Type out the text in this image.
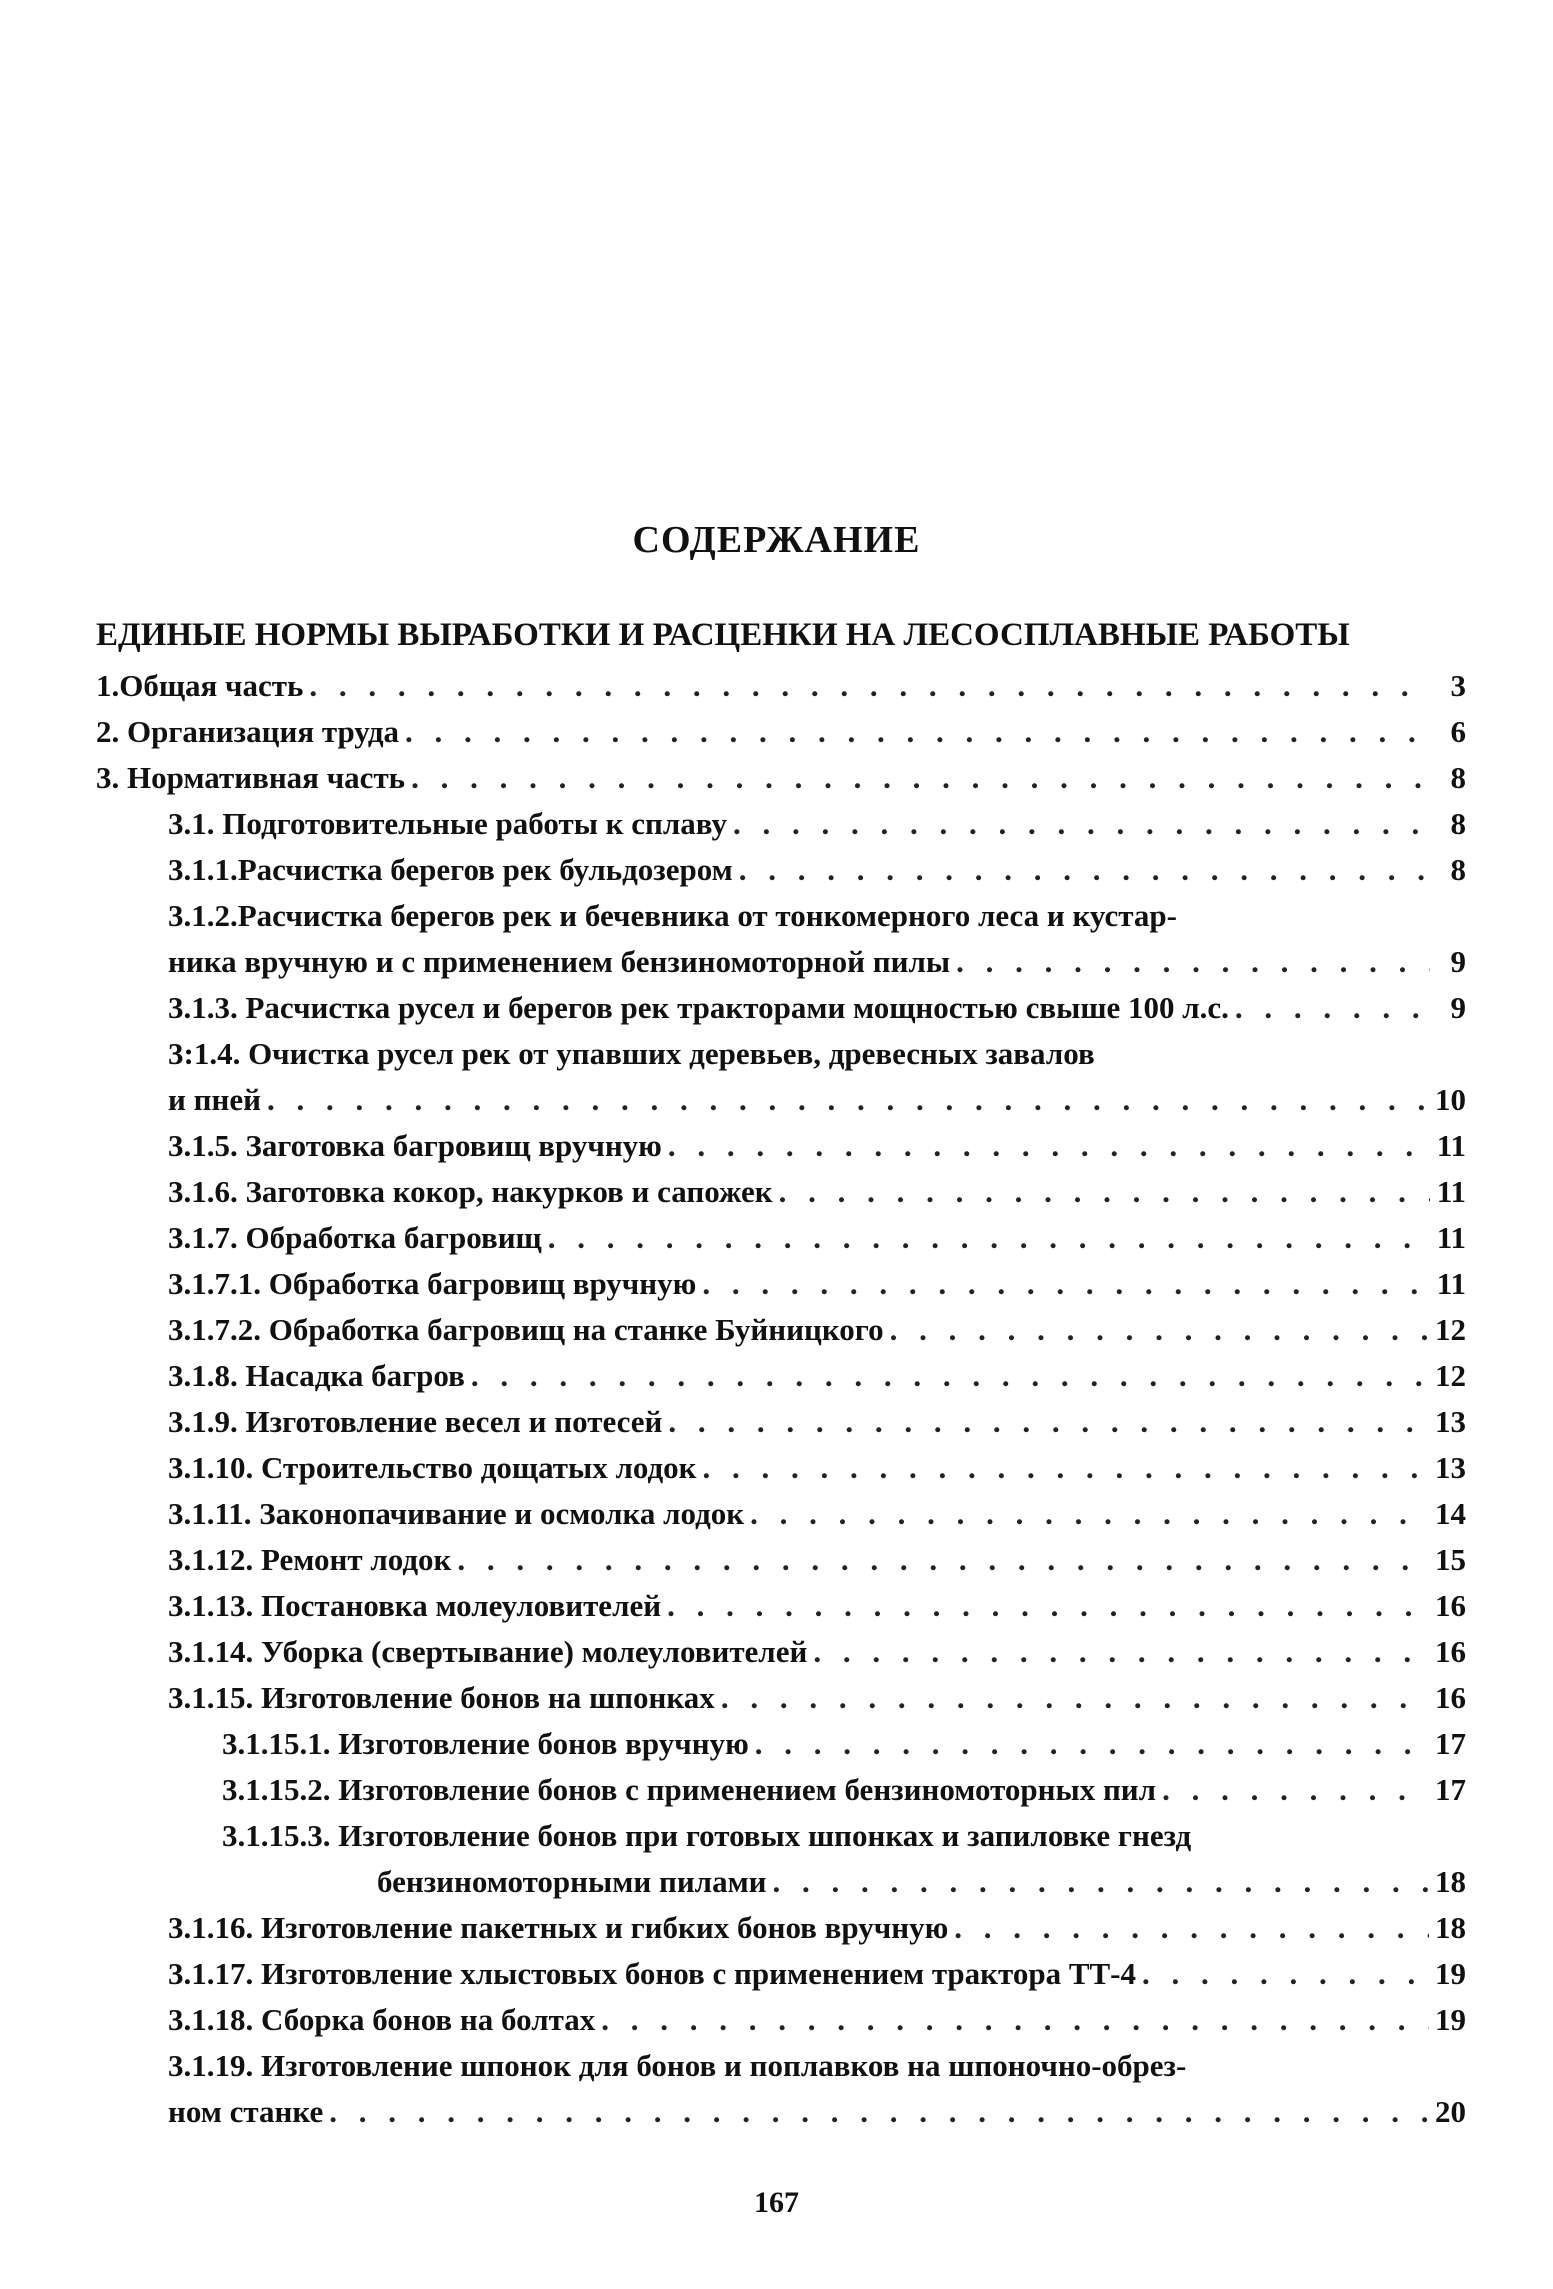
СОДЕРЖАНИЕ
ЕДИНЫЕ НОРМЫ ВЫРАБОТКИ И РАСЦЕНКИ НА ЛЕСОСПЛАВНЫЕ РАБОТЫ
1.Общая часть . . .	3
2. Организация труда . . .	6
3. Нормативная часть . . .	8
3.1. Подготовительные работы к сплаву . . .	8
3.1.1.Расчистка берегов рек бульдозером . . .	8
3.1.2.Расчистка берегов рек и бечевника от тонкомерного леса и кустар-
ника вручную и с применением бензиномоторной пилы . . .	9
3.1.3. Расчистка русел и берегов рек тракторами мощностью свыше 100 л.с. . . .	9
3:1.4. Очистка русел рек от упавших деревьев, древесных завалов
и пней . . .	10
3.1.5. Заготовка багровищ вручную . . .	11
3.1.6. Заготовка кокор, накурков и сапожек . . .	11
3.1.7. Обработка багровищ . . .	11
3.1.7.1. Обработка багровищ вручную . . .	11
3.1.7.2. Обработка багровищ на станке Буйницкого . . .	12
3.1.8. Насадка багров . . .	12
3.1.9. Изготовление весел и потесей . . .	13
3.1.10. Строительство дощатых лодок . . .	13
3.1.11. Законопачивание и осмолка лодок . . .	14
3.1.12. Ремонт лодок . . .	15
3.1.13. Постановка молеуловителей . . .	16
3.1.14. Уборка (свертывание) молеуловителей . . .	16
3.1.15. Изготовление бонов на шпонках . . .	16
3.1.15.1. Изготовление бонов вручную . . .	17
3.1.15.2. Изготовление бонов с применением бензиномоторных пил . . .	17
3.1.15.3. Изготовление бонов при готовых шпонках и запиловке гнезд
бензиномоторными пилами . . .	18
3.1.16. Изготовление пакетных и гибких бонов вручную . . .	18
3.1.17. Изготовление хлыстовых бонов с применением трактора ТТ-4 . . .	19
3.1.18. Сборка бонов на болтах . . .	19
3.1.19. Изготовление шпонок для бонов и поплавков на шпоночно-обрез-
ном станке . . .	20
167
